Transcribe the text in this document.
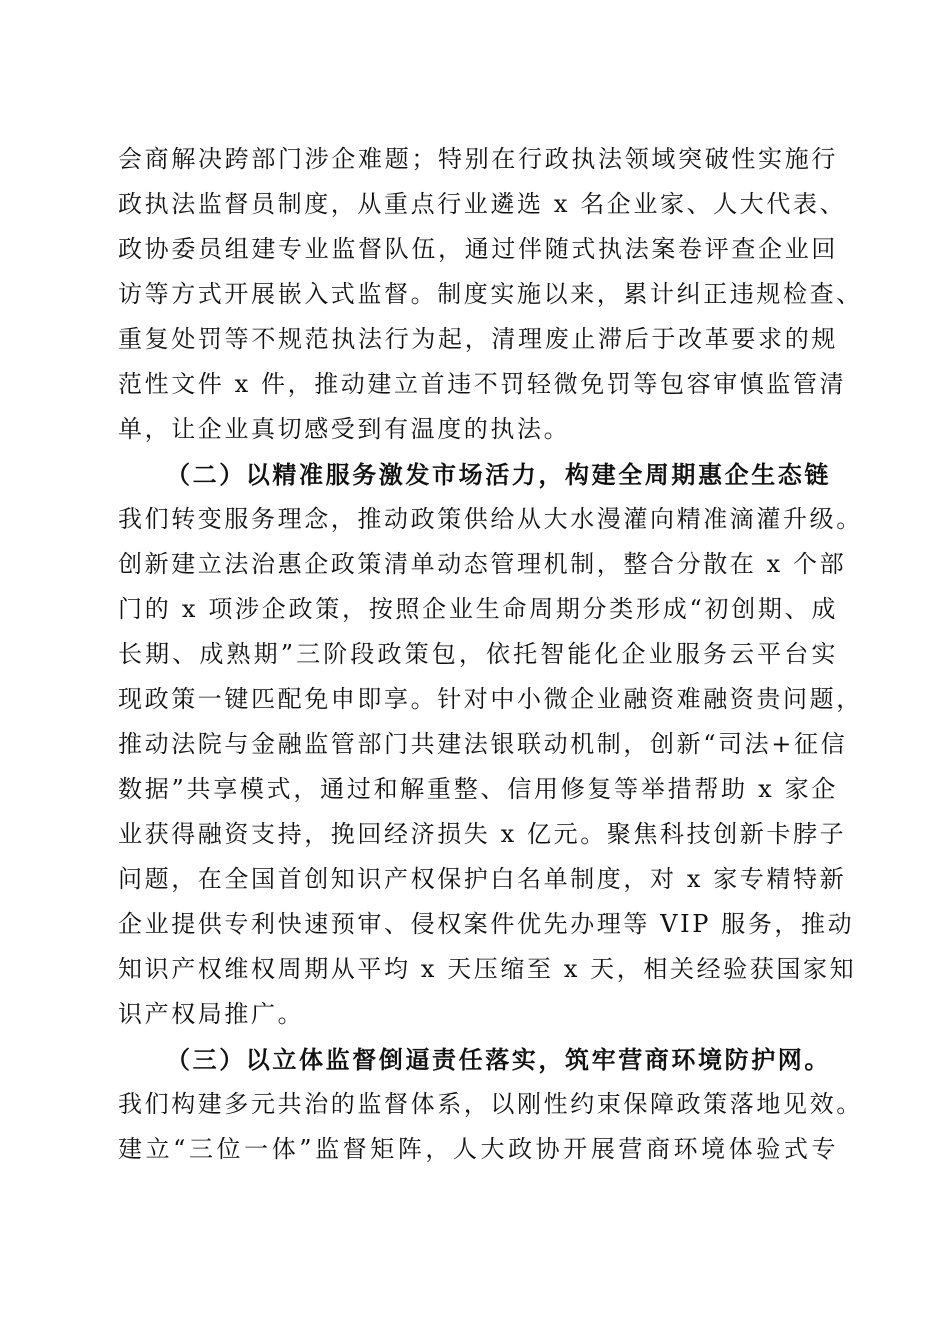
会商解决跨部门涉企难题；特别在行政执法领域突破性实施行
政执法监督员制度，从重点行业遴选 x 名企业家、人大代表、
政协委员组建专业监督队伍，通过伴随式执法案卷评查企业回
访等方式开展嵌入式监督。制度实施以来，累计纠正违规检查、
重复处罚等不规范执法行为起，清理废止滞后于改革要求的规
范性文件 x 件，推动建立首违不罚轻微免罚等包容审慎监管清
单，让企业真切感受到有温度的执法。
（二）以精准服务激发市场活力，构建全周期惠企生态链
我们转变服务理念，推动政策供给从大水漫灌向精准滴灌升级。
创新建立法治惠企政策清单动态管理机制，整合分散在 x 个部
门的 x 项涉企政策，按照企业生命周期分类形成“初创期、成
长期、成熟期”三阶段政策包，依托智能化企业服务云平台实
现政策一键匹配免申即享。针对中小微企业融资难融资贵问题，
推动法院与金融监管部门共建法银联动机制，创新“司法+征信
数据”共享模式，通过和解重整、信用修复等举措帮助 x 家企
业获得融资支持，挽回经济损失 x 亿元。聚焦科技创新卡脖子
问题，在全国首创知识产权保护白名单制度，对 x 家专精特新
企业提供专利快速预审、侵权案件优先办理等 VIP 服务，推动
知识产权维权周期从平均 x 天压缩至 x 天，相关经验获国家知
识产权局推广。
（三）以立体监督倒逼责任落实，筑牢营商环境防护网。
我们构建多元共治的监督体系，以刚性约束保障政策落地见效。
建立“三位一体”监督矩阵，人大政协开展营商环境体验式专
